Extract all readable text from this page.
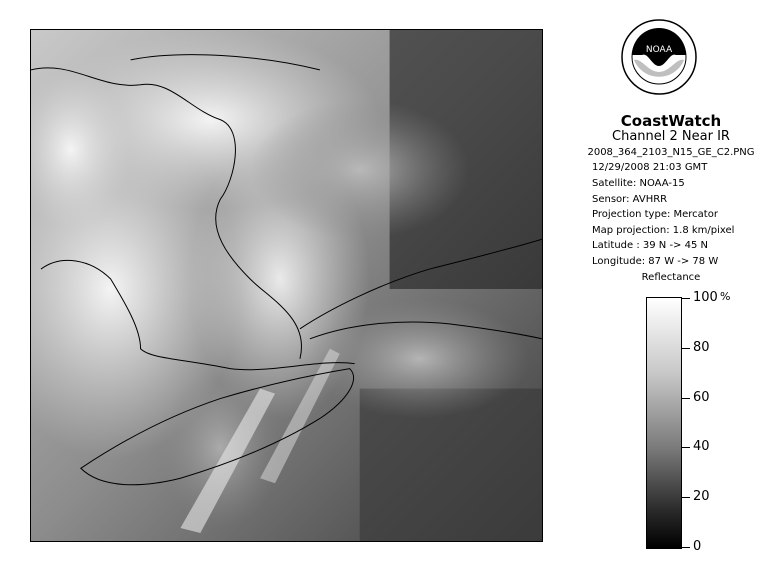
NOAA
CoastWatch
Channel 2 Near IR
2008_364_2103_N15_GE_C2.PNG
12/29/2008 21:03 GMT
Satellite: NOAA-15
Sensor: AVHRR
Projection type: Mercator
Map projection: 1.8 km/pixel
Latitude : 39 N -> 45 N
Longitude: 87 W -> 78 W
Reflectance
%
100
80
60
40
20
0
